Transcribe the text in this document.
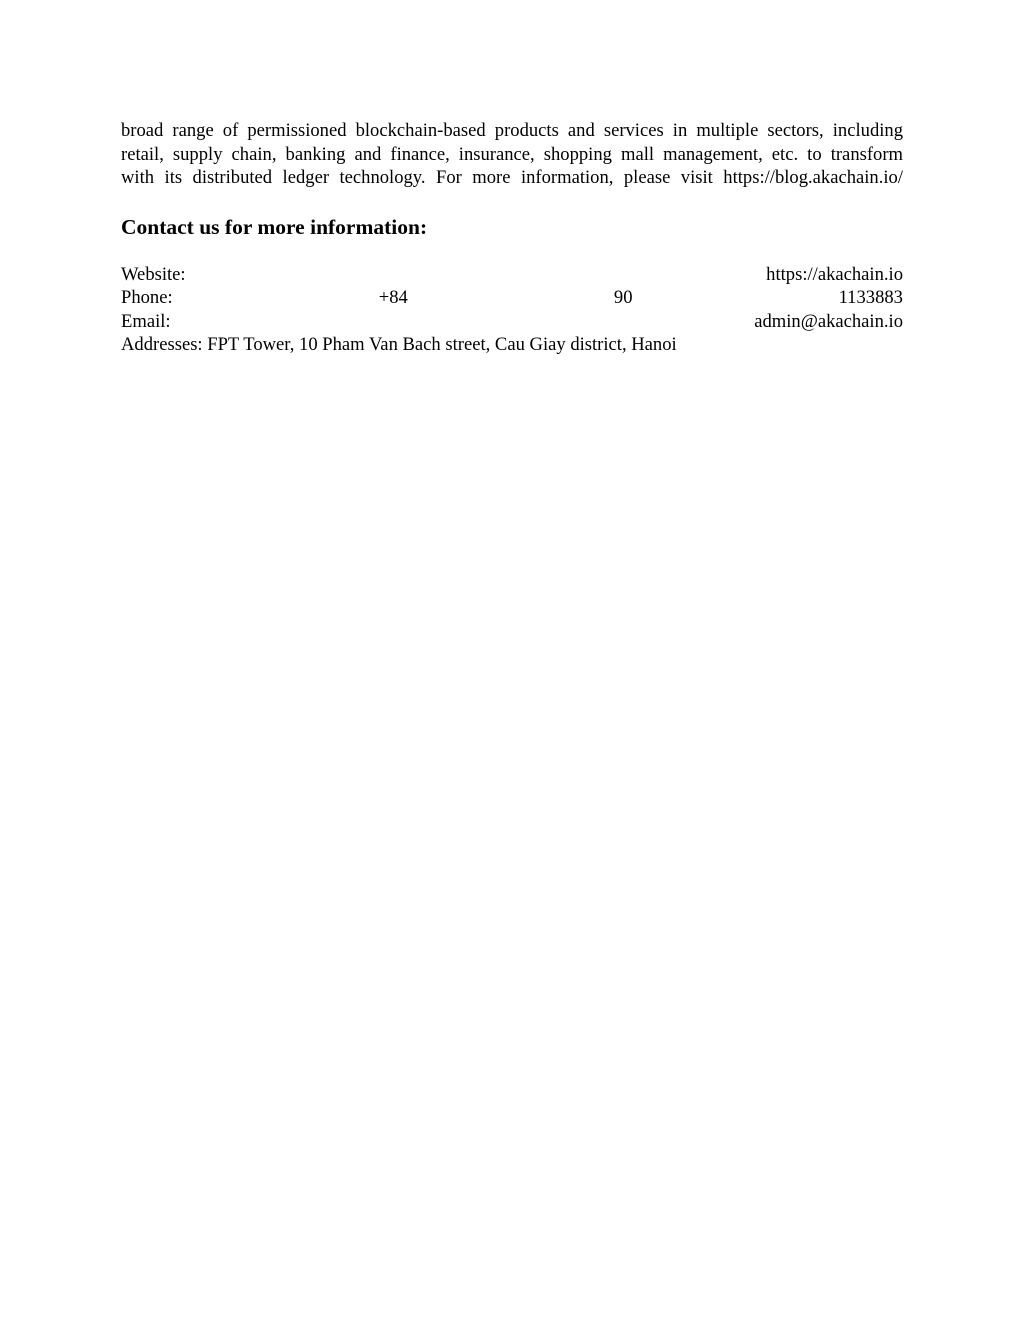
broad range of permissioned blockchain-based products and services in multiple sectors, including
retail, supply chain, banking and finance, insurance, shopping mall management, etc. to transform
with its distributed ledger technology. For more information, please visit https://blog.akachain.io/

Contact us for more information:
Website:	https://akachain.io
Phone:	+84	90	1133883
Email:	admin@akachain.io
Addresses: FPT Tower, 10 Pham Van Bach street, Cau Giay district, Hanoi
